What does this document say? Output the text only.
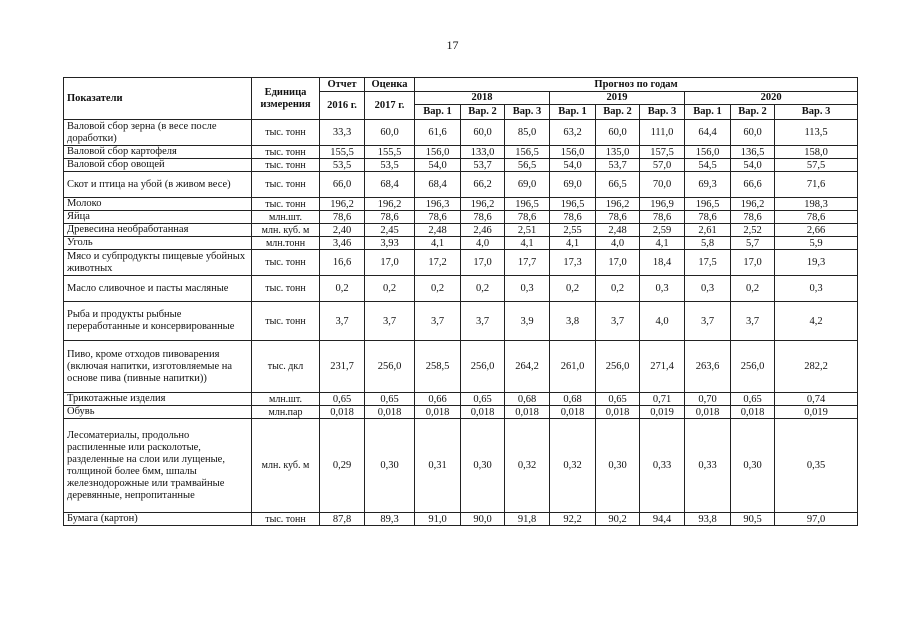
17
Показатели	Единица измерения	Отчет	Оценка	Прогноз по годам								
		2016 г.	2017 г.	2018			2019			2020		
				Вар. 1	Вар. 2	Вар. 3	Вар. 1	Вар. 2	Вар. 3	Вар. 1	Вар. 2	Вар. 3
Валовой сбор зерна (в весе после доработки)	тыс. тонн	33,3	60,0	61,6	60,0	85,0	63,2	60,0	111,0	64,4	60,0	113,5
Валовой сбор картофеля	тыс. тонн	155,5	155,5	156,0	133,0	156,5	156,0	135,0	157,5	156,0	136,5	158,0
Валовой сбор овощей	тыс. тонн	53,5	53,5	54,0	53,7	56,5	54,0	53,7	57,0	54,5	54,0	57,5
Скот и птица на убой (в живом весе)	тыс. тонн	66,0	68,4	68,4	66,2	69,0	69,0	66,5	70,0	69,3	66,6	71,6
Молоко	тыс. тонн	196,2	196,2	196,3	196,2	196,5	196,5	196,2	196,9	196,5	196,2	198,3
Яйца	млн.шт.	78,6	78,6	78,6	78,6	78,6	78,6	78,6	78,6	78,6	78,6	78,6
Древесина необработанная	млн. куб. м	2,40	2,45	2,48	2,46	2,51	2,55	2,48	2,59	2,61	2,52	2,66
Уголь	млн.тонн	3,46	3,93	4,1	4,0	4,1	4,1	4,0	4,1	5,8	5,7	5,9
Мясо и субпродукты пищевые убойных животных	тыс. тонн	16,6	17,0	17,2	17,0	17,7	17,3	17,0	18,4	17,5	17,0	19,3
Масло сливочное и пасты масляные	тыс. тонн	0,2	0,2	0,2	0,2	0,3	0,2	0,2	0,3	0,3	0,2	0,3
Рыба и продукты рыбные переработанные и консервированные	тыс. тонн	3,7	3,7	3,7	3,7	3,9	3,8	3,7	4,0	3,7	3,7	4,2
Пиво, кроме отходов пивоварения (включая напитки, изготовляемые на основе пива (пивные напитки))	тыс. дкл	231,7	256,0	258,5	256,0	264,2	261,0	256,0	271,4	263,6	256,0	282,2
Трикотажные изделия	млн.шт.	0,65	0,65	0,66	0,65	0,68	0,68	0,65	0,71	0,70	0,65	0,74
Обувь	млн.пар	0,018	0,018	0,018	0,018	0,018	0,018	0,018	0,019	0,018	0,018	0,019
Лесоматериалы, продольно распиленные или расколотые, разделенные на слои или лущеные, толщиной более 6мм, шпалы железнодорожные или трамвайные деревянные, непропитанные	млн. куб. м	0,29	0,30	0,31	0,30	0,32	0,32	0,30	0,33	0,33	0,30	0,35
Бумага (картон)	тыс. тонн	87,8	89,3	91,0	90,0	91,8	92,2	90,2	94,4	93,8	90,5	97,0
